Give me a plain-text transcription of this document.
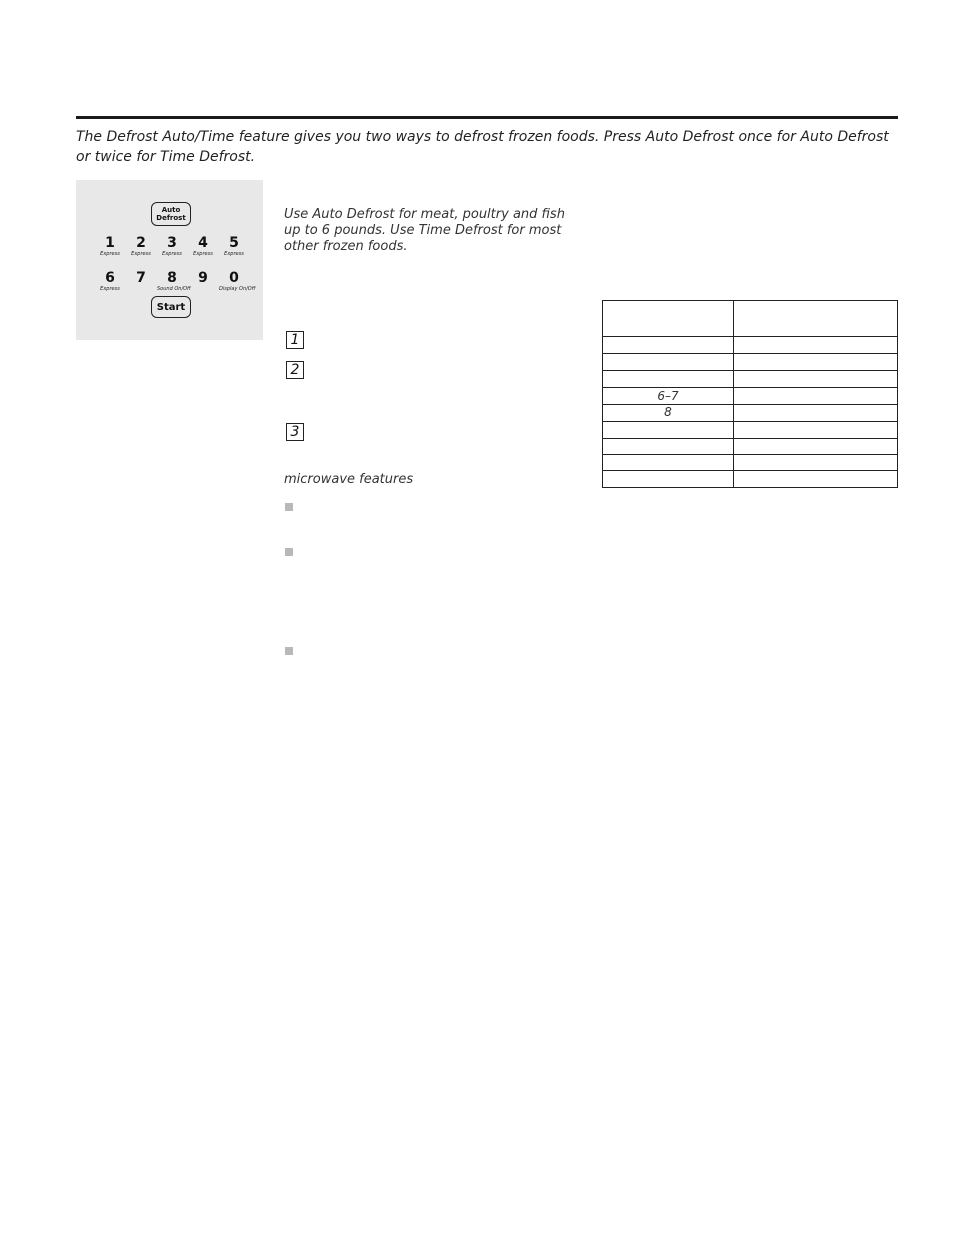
The Defrost Auto/Time feature gives you two ways to defrost frozen foods. Press Auto Defrost once for Auto Defrost or twice for Time Defrost.
Auto
Defrost
1
Express
2
Express
3
Express
4
Express
5
Express
6
Express
7	8
Sound On/Off
9	0
Display On/Off
Start
Use Auto Defrost for meat, poultry and fish up to 6 pounds. Use Time Defrost for most other frozen foods.
1
2
3
microwave features
6–7
8
